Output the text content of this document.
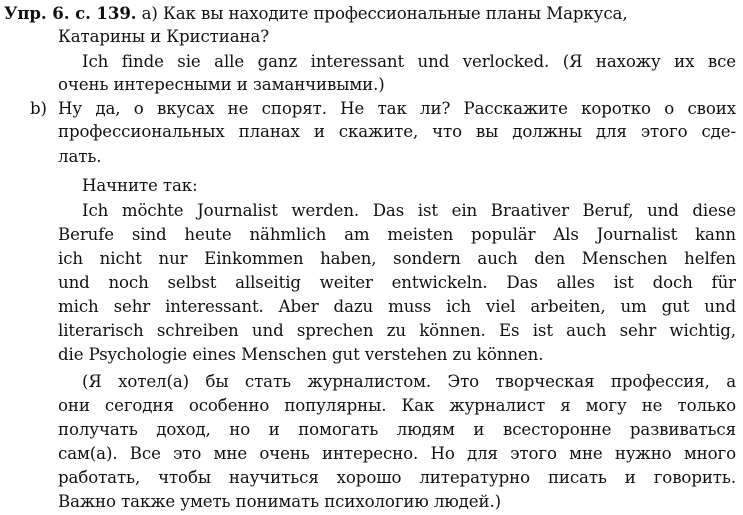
Упр. 6. с. 139. а) Как вы находите профессиональные планы Маркуса,
Катарины и Кристиана?
Ich finde sie alle ganz interessant und verlocked. (Я нахожу их все
очень интересными и заманчивыми.)
b) Ну да, о вкусах не спорят. Не так ли? Расскажите коротко о своих
профессиональных планах и скажите, что вы должны для этого сде-
лать.
Начните так:
Ich möchte Journalist werden. Das ist ein Braativer Beruf, und diese
Berufe sind heute nähmlich am meisten populär Als Journalist kann
ich nicht nur Einkommen haben, sondern auch den Menschen helfen
und noch selbst allseitig weiter entwickeln. Das alles ist doch für
mich sehr interessant. Aber dazu muss ich viel arbeiten, um gut und
literarisch schreiben und sprechen zu können. Es ist auch sehr wichtig,
die Psychologie eines Menschen gut verstehen zu können.
(Я хотел(а) бы стать журналистом. Это творческая профессия, а
они сегодня особенно популярны. Как журналист я могу не только
получать доход, но и помогать людям и всесторонне развиваться
сам(а). Все это мне очень интересно. Но для этого мне нужно много
работать, чтобы научиться хорошо литературно писать и говорить.
Важно также уметь понимать психологию людей.)
